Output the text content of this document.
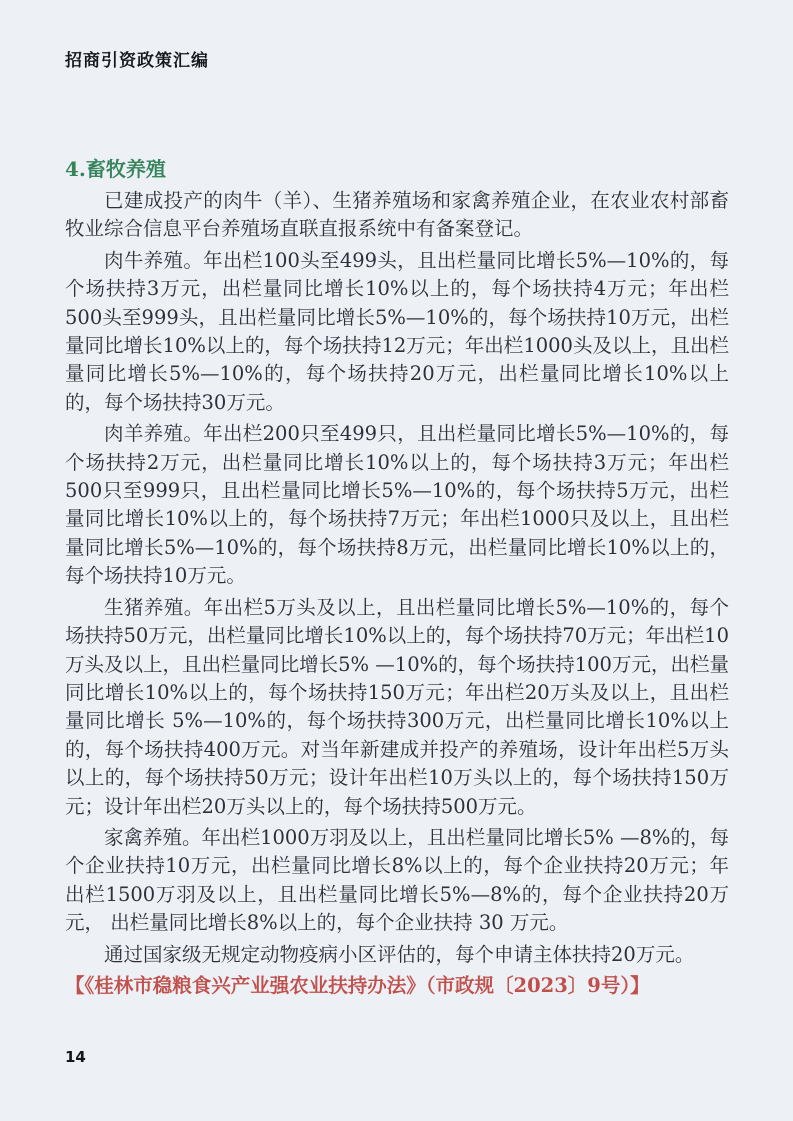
招商引资政策汇编
4.畜牧养殖

已建成投产的肉牛（羊）、生猪养殖场和家禽养殖企业，在农业农村部畜牧业综合信息平台养殖场直联直报系统中有备案登记。

肉牛养殖。年出栏100头至499头，且出栏量同比增长5%—10%的，每个场扶持3万元，出栏量同比增长10%以上的，每个场扶持4万元；年出栏500头至999头，且出栏量同比增长5%—10%的，每个场扶持10万元，出栏量同比增长10%以上的，每个场扶持12万元；年出栏1000头及以上，且出栏量同比增长5%—10%的，每个场扶持20万元，出栏量同比增长10%以上的，每个场扶持30万元。

肉羊养殖。年出栏200只至499只，且出栏量同比增长5%—10%的，每个场扶持2万元，出栏量同比增长10%以上的，每个场扶持3万元；年出栏500只至999只，且出栏量同比增长5%—10%的，每个场扶持5万元，出栏量同比增长10%以上的，每个场扶持7万元；年出栏1000只及以上，且出栏量同比增长5%—10%的，每个场扶持8万元，出栏量同比增长10%以上的，每个场扶持10万元。

生猪养殖。年出栏5万头及以上，且出栏量同比增长5%—10%的，每个场扶持50万元，出栏量同比增长10%以上的，每个场扶持70万元；年出栏10万头及以上，且出栏量同比增长5% —10%的，每个场扶持100万元，出栏量同比增长10%以上的，每个场扶持150万元；年出栏20万头及以上，且出栏量同比增长 5%—10%的，每个场扶持300万元，出栏量同比增长10%以上的，每个场扶持400万元。对当年新建成并投产的养殖场，设计年出栏5万头以上的，每个场扶持50万元；设计年出栏10万头以上的，每个场扶持150万元；设计年出栏20万头以上的，每个场扶持500万元。

家禽养殖。年出栏1000万羽及以上，且出栏量同比增长5% —8%的，每个企业扶持10万元，出栏量同比增长8%以上的，每个企业扶持20万元；年出栏1500万羽及以上，且出栏量同比增长5%—8%的，每个企业扶持20万元， 出栏量同比增长8%以上的，每个企业扶持 30 万元。

通过国家级无规定动物疫病小区评估的，每个申请主体扶持20万元。

【《桂林市稳粮食兴产业强农业扶持办法》（市政规〔2023〕9号）】

14
